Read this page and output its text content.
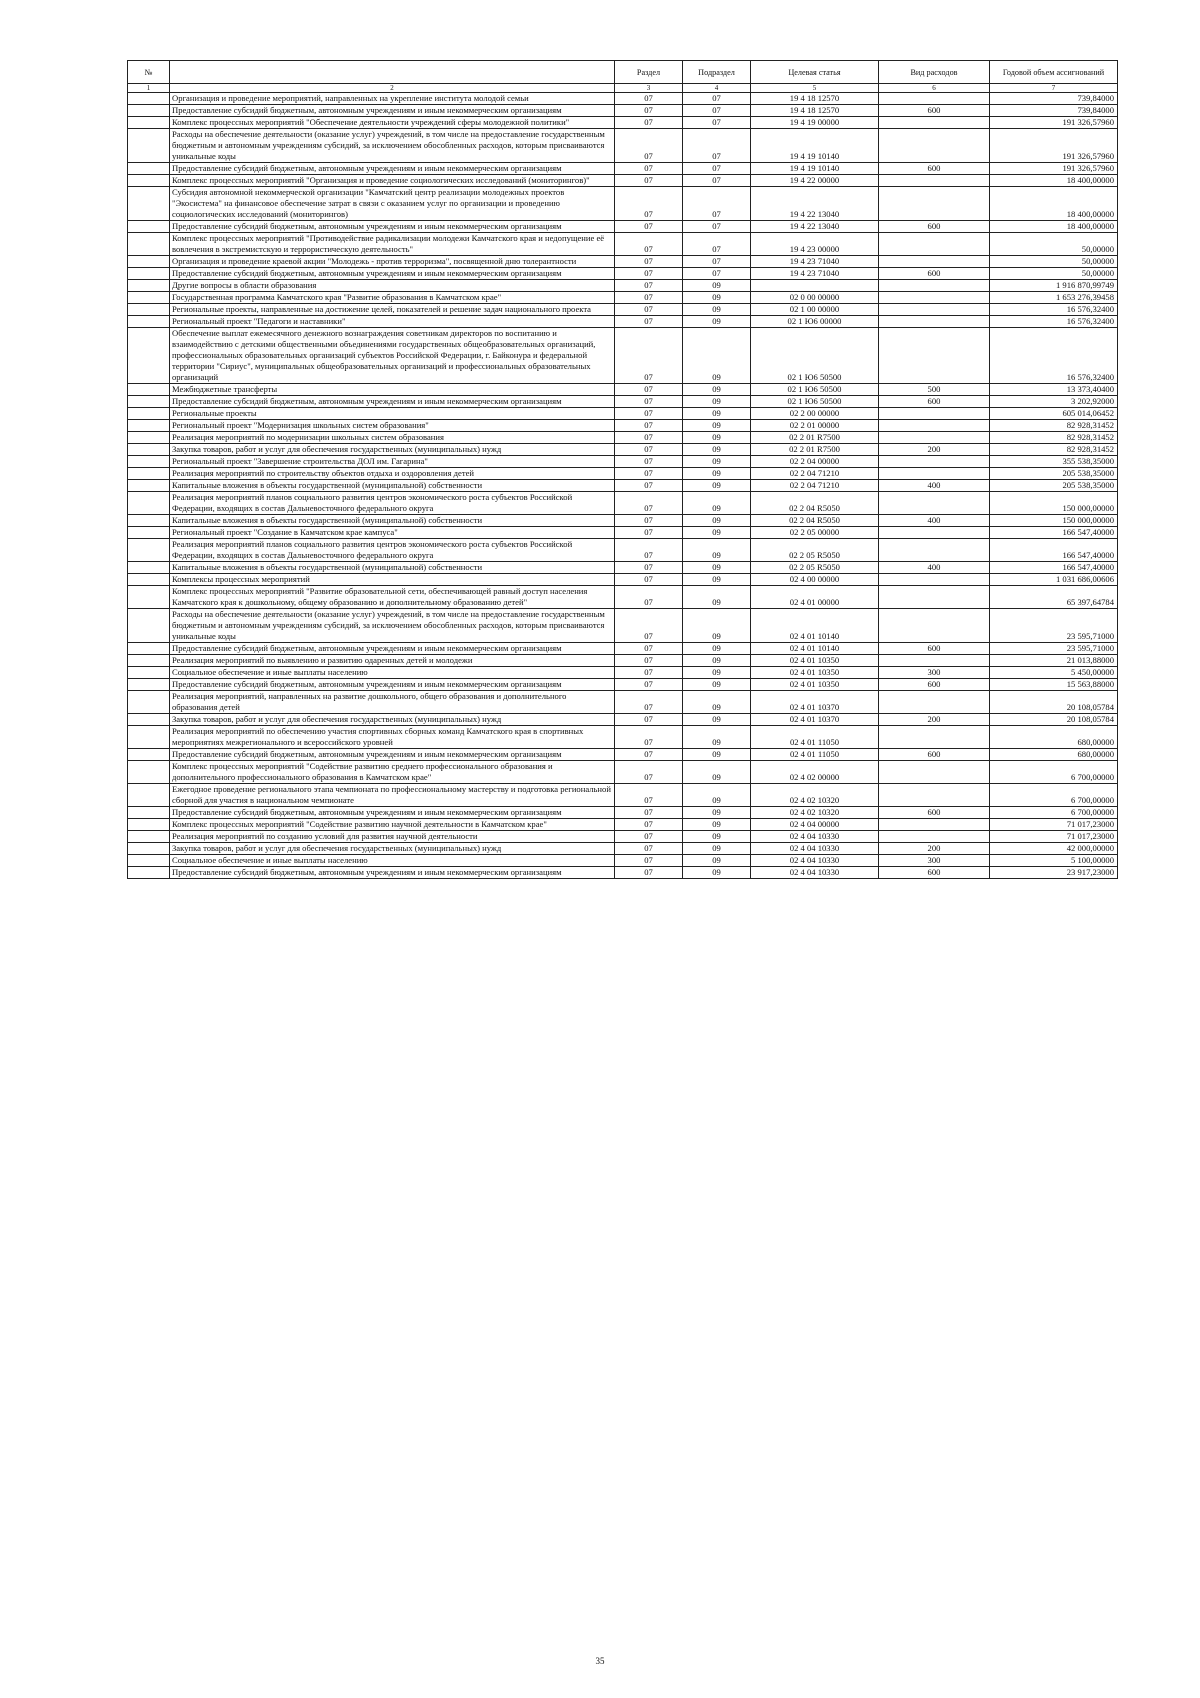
№		Раздел	Подраздел	Целевая статья	Вид расходов	Годовой объем ассигнований
1	2	3	4	5	6	7
	Организация и проведение мероприятий, направленных на укрепление института молодой семьи	07	07	19 4 18 12570		739,84000
	Предоставление субсидий бюджетным, автономным учреждениям и иным некоммерческим организациям	07	07	19 4 18 12570	600	739,84000
	Комплекс процессных мероприятий "Обеспечение деятельности учреждений сферы молодежной политики"	07	07	19 4 19 00000		191 326,57960
	Расходы на обеспечение деятельности (оказание услуг) учреждений, в том числе на предоставление государственным бюджетным и автономным учреждениям субсидий, за исключением обособленных расходов, которым присваиваются уникальные коды	07	07	19 4 19 10140		191 326,57960
	Предоставление субсидий бюджетным, автономным учреждениям и иным некоммерческим организациям	07	07	19 4 19 10140	600	191 326,57960
	Комплекс процессных мероприятий "Организация и проведение социологических исследований (мониторингов)"	07	07	19 4 22 00000		18 400,00000
	Субсидия автономной некоммерческой организации "Камчатский центр реализации молодежных проектов "Экосистема" на финансовое обеспечение затрат в связи с оказанием услуг по организации и проведению социологических исследований (мониторингов)	07	07	19 4 22 13040		18 400,00000
	Предоставление субсидий бюджетным, автономным учреждениям и иным некоммерческим организациям	07	07	19 4 22 13040	600	18 400,00000
	Комплекс процессных мероприятий "Противодействие радикализации молодежи Камчатского края и недопущение её вовлечения в экстремистскую и террористическую деятельность"	07	07	19 4 23 00000		50,00000
	Организация и проведение краевой акции "Молодежь - против терроризма", посвященной дню толерантности	07	07	19 4 23 71040		50,00000
	Предоставление субсидий бюджетным, автономным учреждениям и иным некоммерческим организациям	07	07	19 4 23 71040	600	50,00000
	Другие вопросы в области образования	07	09			1 916 870,99749
	Государственная программа Камчатского края "Развитие образования в Камчатском крае"	07	09	02 0 00 00000		1 653 276,39458
	Региональные проекты, направленные на достижение целей, показателей и решение задач национального проекта	07	09	02 1 00 00000		16 576,32400
	Региональный проект "Педагоги и наставники"	07	09	02 1 Ю6 00000		16 576,32400
	Обеспечение выплат ежемесячного денежного вознаграждения советникам директоров по воспитанию и взаимодействию с детскими общественными объединениями государственных общеобразовательных организаций, профессиональных образовательных организаций субъектов Российской Федерации, г. Байконура и федеральной территории "Сириус", муниципальных общеобразовательных организаций и профессиональных образовательных организаций	07	09	02 1 Ю6 50500		16 576,32400
	Межбюджетные трансферты	07	09	02 1 Ю6 50500	500	13 373,40400
	Предоставление субсидий бюджетным, автономным учреждениям и иным некоммерческим организациям	07	09	02 1 Ю6 50500	600	3 202,92000
	Региональные проекты	07	09	02 2 00 00000		605 014,06452
	Региональный проект "Модернизация школьных систем образования"	07	09	02 2 01 00000		82 928,31452
	Реализация мероприятий по модернизации школьных систем образования	07	09	02 2 01 R7500		82 928,31452
	Закупка товаров, работ и услуг для обеспечения государственных (муниципальных) нужд	07	09	02 2 01 R7500	200	82 928,31452
	Региональный проект "Завершение строительства ДОЛ им. Гагарина"	07	09	02 2 04 00000		355 538,35000
	Реализация мероприятий по строительству объектов отдыха и оздоровления детей	07	09	02 2 04 71210		205 538,35000
	Капитальные вложения в объекты государственной (муниципальной) собственности	07	09	02 2 04 71210	400	205 538,35000
	Реализация мероприятий планов социального развития центров экономического роста субъектов Российской Федерации, входящих в состав Дальневосточного федерального округа	07	09	02 2 04 R5050		150 000,00000
	Капитальные вложения в объекты государственной (муниципальной) собственности	07	09	02 2 04 R5050	400	150 000,00000
	Региональный проект "Создание в Камчатском крае кампуса"	07	09	02 2 05 00000		166 547,40000
	Реализация мероприятий планов социального развития центров экономического роста субъектов Российской Федерации, входящих в состав Дальневосточного федерального округа	07	09	02 2 05 R5050		166 547,40000
	Капитальные вложения в объекты государственной (муниципальной) собственности	07	09	02 2 05 R5050	400	166 547,40000
	Комплексы процессных мероприятий	07	09	02 4 00 00000		1 031 686,00606
	Комплекс процессных мероприятий "Развитие образовательной сети, обеспечивающей равный доступ населения Камчатского края к дошкольному, общему образованию и дополнительному образованию детей"	07	09	02 4 01 00000		65 397,64784
	Расходы на обеспечение деятельности (оказание услуг) учреждений, в том числе на предоставление государственным бюджетным и автономным учреждениям субсидий, за исключением обособленных расходов, которым присваиваются уникальные коды	07	09	02 4 01 10140		23 595,71000
	Предоставление субсидий бюджетным, автономным учреждениям и иным некоммерческим организациям	07	09	02 4 01 10140	600	23 595,71000
	Реализация мероприятий по выявлению и развитию одаренных детей и молодежи	07	09	02 4 01 10350		21 013,88000
	Социальное обеспечение и иные выплаты населению	07	09	02 4 01 10350	300	5 450,00000
	Предоставление субсидий бюджетным, автономным учреждениям и иным некоммерческим организациям	07	09	02 4 01 10350	600	15 563,88000
	Реализация мероприятий, направленных на развитие дошкольного, общего образования и дополнительного образования детей	07	09	02 4 01 10370		20 108,05784
	Закупка товаров, работ и услуг для обеспечения государственных (муниципальных) нужд	07	09	02 4 01 10370	200	20 108,05784
	Реализация мероприятий по обеспечению участия спортивных сборных команд Камчатского края в спортивных мероприятиях межрегионального и всероссийского уровней	07	09	02 4 01 11050		680,00000
	Предоставление субсидий бюджетным, автономным учреждениям и иным некоммерческим организациям	07	09	02 4 01 11050	600	680,00000
	Комплекс процессных мероприятий "Содействие развитию среднего профессионального образования и дополнительного профессионального образования в Камчатском крае"	07	09	02 4 02 00000		6 700,00000
	Ежегодное проведение регионального этапа чемпионата по профессиональному мастерству и подготовка региональной сборной для участия в национальном чемпионате	07	09	02 4 02 10320		6 700,00000
	Предоставление субсидий бюджетным, автономным учреждениям и иным некоммерческим организациям	07	09	02 4 02 10320	600	6 700,00000
	Комплекс процессных мероприятий "Содействие развитию научной деятельности в Камчатском крае"	07	09	02 4 04 00000		71 017,23000
	Реализация мероприятий по созданию условий для развития научной деятельности	07	09	02 4 04 10330		71 017,23000
	Закупка товаров, работ и услуг для обеспечения государственных (муниципальных) нужд	07	09	02 4 04 10330	200	42 000,00000
	Социальное обеспечение и иные выплаты населению	07	09	02 4 04 10330	300	5 100,00000
	Предоставление субсидий бюджетным, автономным учреждениям и иным некоммерческим организациям	07	09	02 4 04 10330	600	23 917,23000
35
